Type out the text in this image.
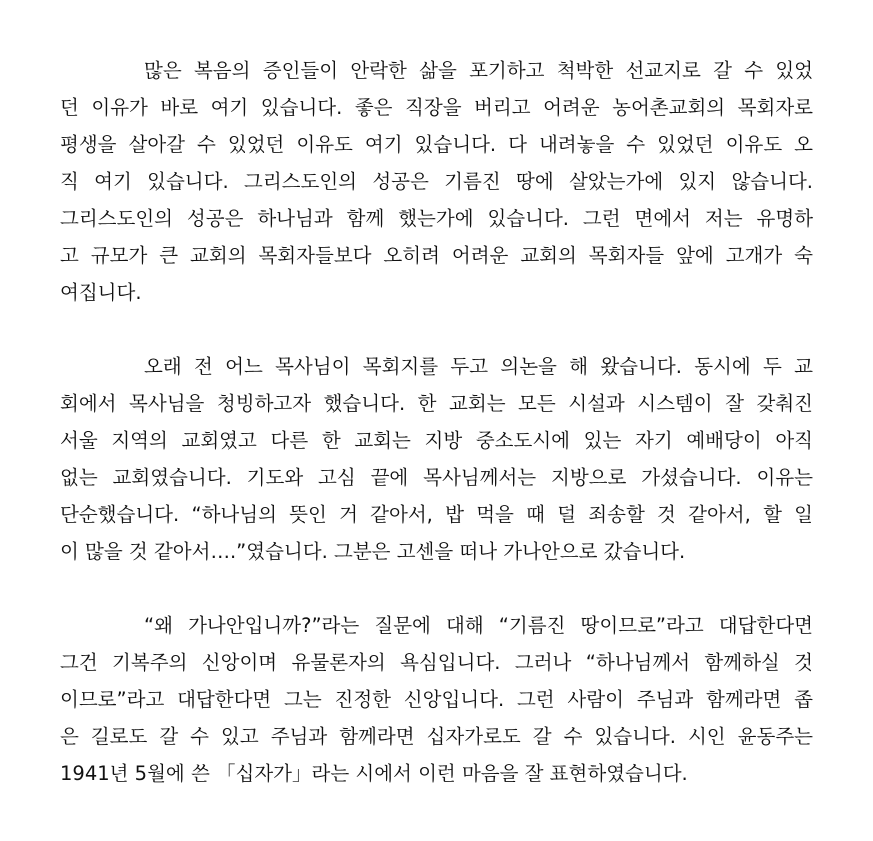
많은 복음의 증인들이 안락한 삶을 포기하고 척박한 선교지로 갈 수 있었
던 이유가 바로 여기 있습니다. 좋은 직장을 버리고 어려운 농어촌교회의 목회자로
평생을 살아갈 수 있었던 이유도 여기 있습니다. 다 내려놓을 수 있었던 이유도 오
직 여기 있습니다. 그리스도인의 성공은 기름진 땅에 살았는가에 있지 않습니다.
그리스도인의 성공은 하나님과 함께 했는가에 있습니다. 그런 면에서 저는 유명하
고 규모가 큰 교회의 목회자들보다 오히려 어려운 교회의 목회자들 앞에 고개가 숙
여집니다.
오래 전 어느 목사님이 목회지를 두고 의논을 해 왔습니다. 동시에 두 교
회에서 목사님을 청빙하고자 했습니다. 한 교회는 모든 시설과 시스템이 잘 갖춰진
서울 지역의 교회였고 다른 한 교회는 지방 중소도시에 있는 자기 예배당이 아직
없는 교회였습니다. 기도와 고심 끝에 목사님께서는 지방으로 가셨습니다. 이유는
단순했습니다. “하나님의 뜻인 거 같아서, 밥 먹을 때 덜 죄송할 것 같아서, 할 일
이 많을 것 같아서….”였습니다. 그분은 고센을 떠나 가나안으로 갔습니다.
“왜 가나안입니까?”라는 질문에 대해 “기름진 땅이므로”라고 대답한다면
그건 기복주의 신앙이며 유물론자의 욕심입니다. 그러나 “하나님께서 함께하실 것
이므로”라고 대답한다면 그는 진정한 신앙입니다. 그런 사람이 주님과 함께라면 좁
은 길로도 갈 수 있고 주님과 함께라면 십자가로도 갈 수 있습니다. 시인 윤동주는
1941년 5월에 쓴 「십자가」라는 시에서 이런 마음을 잘 표현하였습니다.
